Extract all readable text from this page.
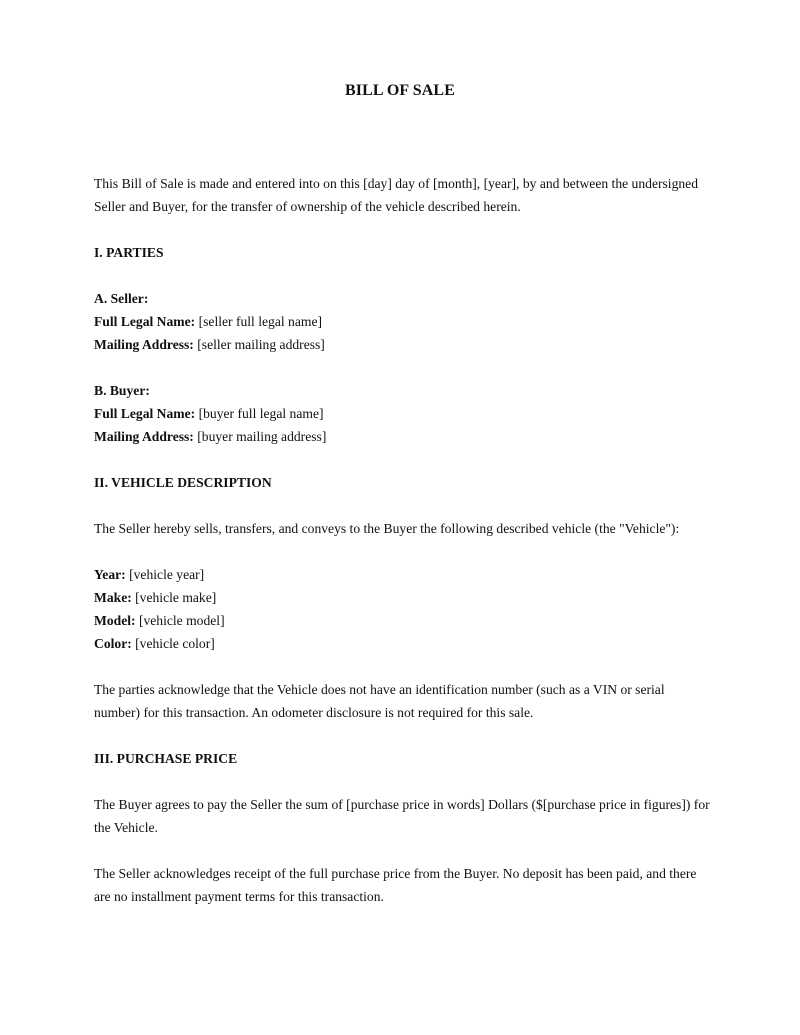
BILL OF SALE

This Bill of Sale is made and entered into on this [day] day of [month], [year], by and between the undersigned Seller and Buyer, for the transfer of ownership of the vehicle described herein.

I. PARTIES

A. Seller:

Full Legal Name: [seller full legal name]

Mailing Address: [seller mailing address]

B. Buyer:

Full Legal Name: [buyer full legal name]

Mailing Address: [buyer mailing address]

II. VEHICLE DESCRIPTION

The Seller hereby sells, transfers, and conveys to the Buyer the following described vehicle (the "Vehicle"):

Year: [vehicle year]

Make: [vehicle make]

Model: [vehicle model]

Color: [vehicle color]

The parties acknowledge that the Vehicle does not have an identification number (such as a VIN or serial number) for this transaction. An odometer disclosure is not required for this sale.

III. PURCHASE PRICE

The Buyer agrees to pay the Seller the sum of [purchase price in words] Dollars ($[purchase price in figures]) for the Vehicle.

The Seller acknowledges receipt of the full purchase price from the Buyer. No deposit has been paid, and there are no installment payment terms for this transaction.
